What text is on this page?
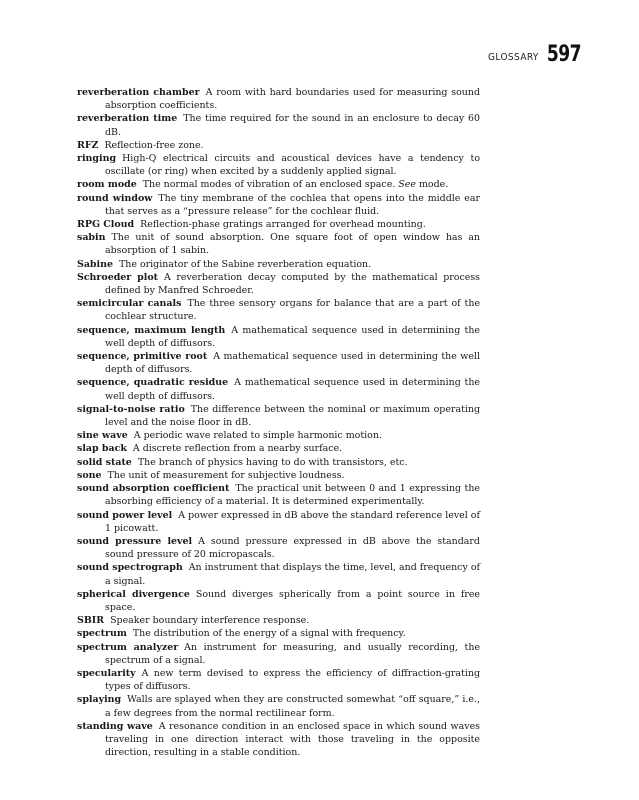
GLOSSARY 597

reverberation chamber A room with hard boundaries used for measuring sound absorption coefficients.

reverberation time The time required for the sound in an enclosure to decay 60 dB.

RFZ Reflection-free zone.

ringing High-Q electrical circuits and acoustical devices have a tendency to oscillate (or ring) when excited by a suddenly applied signal.

room mode The normal modes of vibration of an enclosed space. See mode.

round window The tiny membrane of the cochlea that opens into the middle ear that serves as a “pressure release” for the cochlear fluid.

RPG Cloud Reflection-phase gratings arranged for overhead mounting.

sabin The unit of sound absorption. One square foot of open window has an absorption of 1 sabin.

Sabine The originator of the Sabine reverberation equation.

Schroeder plot A reverberation decay computed by the mathematical process defined by Manfred Schroeder.

semicircular canals The three sensory organs for balance that are a part of the cochlear structure.

sequence, maximum length A mathematical sequence used in determining the well depth of diffusors.

sequence, primitive root A mathematical sequence used in determining the well depth of diffusors.

sequence, quadratic residue A mathematical sequence used in determining the well depth of diffusors.

signal-to-noise ratio The difference between the nominal or maximum operating level and the noise floor in dB.

sine wave A periodic wave related to simple harmonic motion.

slap back A discrete reflection from a nearby surface.

solid state The branch of physics having to do with transistors, etc.

sone The unit of measurement for subjective loudness.

sound absorption coefficient The practical unit between 0 and 1 expressing the absorbing efficiency of a material. It is determined experimentally.

sound power level A power expressed in dB above the standard reference level of 1 picowatt.

sound pressure level A sound pressure expressed in dB above the standard sound pressure of 20 micropascals.

sound spectrograph An instrument that displays the time, level, and frequency of a signal.

spherical divergence Sound diverges spherically from a point source in free space.

SBIR Speaker boundary interference response.

spectrum The distribution of the energy of a signal with frequency.

spectrum analyzer An instrument for measuring, and usually recording, the spectrum of a signal.

specularity A new term devised to express the efficiency of diffraction-grating types of diffusors.

splaying Walls are splayed when they are constructed somewhat “off square,” i.e., a few degrees from the normal rectilinear form.

standing wave A resonance condition in an enclosed space in which sound waves traveling in one direction interact with those traveling in the opposite direction, resulting in a stable condition.
